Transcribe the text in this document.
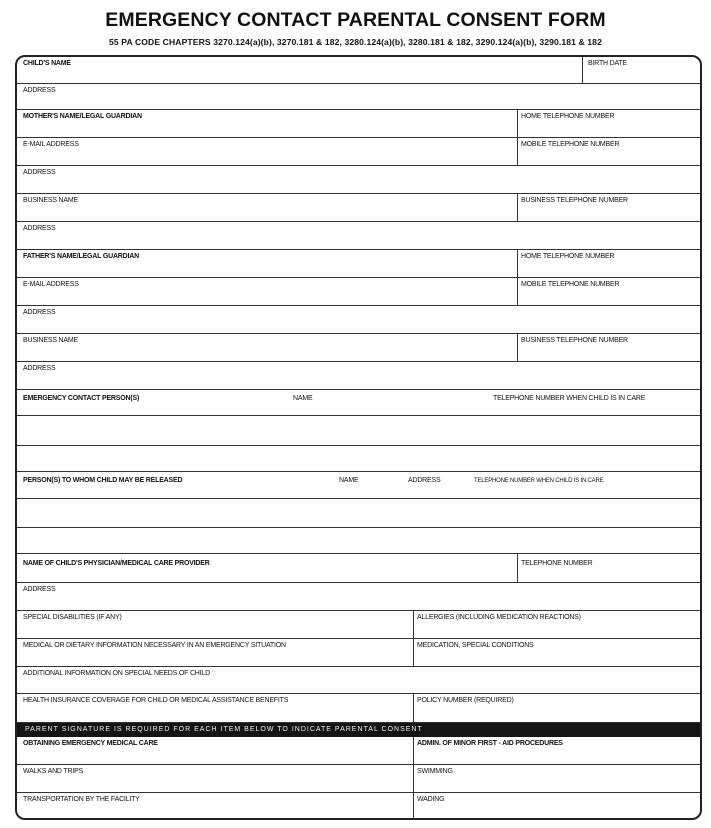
EMERGENCY CONTACT PARENTAL CONSENT FORM
55 PA CODE CHAPTERS 3270.124(a)(b), 3270.181 & 182, 3280.124(a)(b), 3280.181 & 182, 3290.124(a)(b), 3290.181 & 182
CHILD'S NAME	BIRTH DATE
ADDRESS
MOTHER'S NAME/LEGAL GUARDIAN	HOME TELEPHONE NUMBER
E-MAIL ADDRESS	MOBILE TELEPHONE NUMBER
ADDRESS
BUSINESS NAME	BUSINESS TELEPHONE NUMBER
ADDRESS
FATHER'S NAME/LEGAL GUARDIAN	HOME TELEPHONE NUMBER
E-MAIL ADDRESS	MOBILE TELEPHONE NUMBER
ADDRESS
BUSINESS NAME	BUSINESS TELEPHONE NUMBER
ADDRESS
EMERGENCY CONTACT PERSON(S)	NAME	TELEPHONE NUMBER WHEN CHILD IS IN CARE
PERSON(S) TO WHOM CHILD MAY BE RELEASED	NAME	ADDRESS	TELEPHONE NUMBER WHEN CHILD IS IN CARE
NAME OF CHILD'S PHYSICIAN/MEDICAL CARE PROVIDER	TELEPHONE NUMBER
ADDRESS
SPECIAL DISABILITIES (IF ANY)	ALLERGIES (INCLUDING MEDICATION REACTIONS)
MEDICAL OR DIETARY INFORMATION NECESSARY IN AN EMERGENCY SITUATION	MEDICATION, SPECIAL CONDITIONS
ADDITIONAL INFORMATION ON SPECIAL NEEDS OF CHILD
HEALTH INSURANCE COVERAGE FOR CHILD OR MEDICAL ASSISTANCE BENEFITS	POLICY NUMBER (REQUIRED)
PARENT SIGNATURE IS REQUIRED FOR EACH ITEM BELOW TO INDICATE PARENTAL CONSENT
OBTAINING EMERGENCY MEDICAL CARE	ADMIN. OF MINOR FIRST - AID PROCEDURES
WALKS AND TRIPS	SWIMMING
TRANSPORTATION BY THE FACILITY	WADING
